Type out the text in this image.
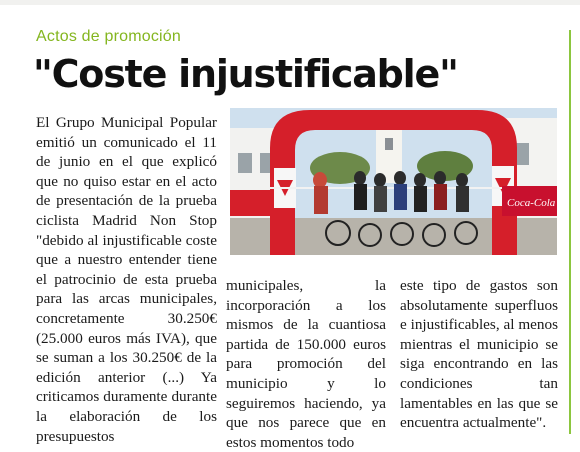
Actos de promoción
"Coste injustificable"
El Grupo Municipal Popular emitió un comunicado el 11 de junio en el que explicó que no quiso estar en el acto de presentación de la prueba ciclista Madrid Non Stop "debido al injustificable coste que a nuestro entender tiene el patrocinio de esta prueba para las arcas municipales, concretamente 30.250€ (25.000 euros más IVA), que se suman a los 30.250€ de la edición anterior (...) Ya criticamos duramente durante la elaboración de los presupuestos
Coca-Cola
municipales, la incorporación a los mismos de la cuantiosa partida de 150.000 euros para promoción del municipio y lo seguiremos haciendo, ya que nos parece que en estos momentos todo
este tipo de gastos son absolutamente superfluos e injustificables, al menos mientras el municipio se siga encontrando en las condiciones tan lamentables en las que se encuentra actualmente".
